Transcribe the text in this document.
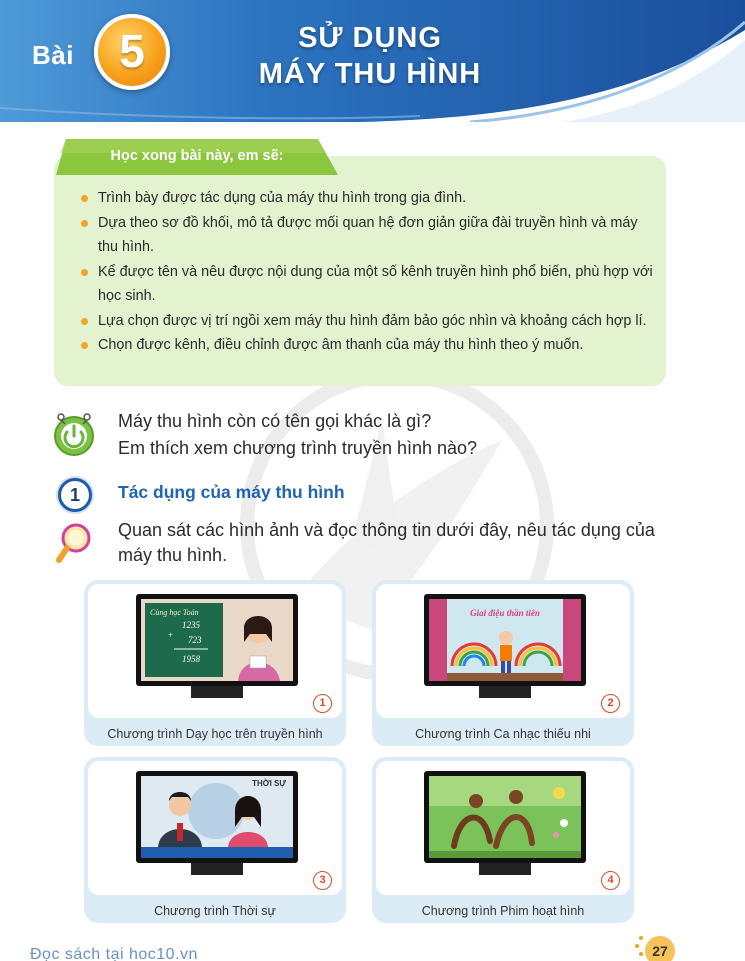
Bài 5	SỬ DỤNG
MÁY THU HÌNH
Học xong bài này, em sẽ:
Trình bày được tác dụng của máy thu hình trong gia đình.
Dựa theo sơ đồ khối, mô tả được mối quan hệ đơn giản giữa đài truyền hình và máy thu hình.
Kể được tên và nêu được nội dung của một số kênh truyền hình phổ biến, phù hợp với học sinh.
Lựa chọn được vị trí ngồi xem máy thu hình đảm bảo góc nhìn và khoảng cách hợp lí.
Chọn được kênh, điều chỉnh được âm thanh của máy thu hình theo ý muốn.
Máy thu hình còn có tên gọi khác là gì?
Em thích xem chương trình truyền hình nào?
1	Tác dụng của máy thu hình
Quan sát các hình ảnh và đọc thông tin dưới đây, nêu tác dụng của máy thu hình.
Cùng học Toán
1235
+ 723
1958
1
Chương trình Dạy học trên truyền hình
Giai điệu thần tiên
2
Chương trình Ca nhạc thiếu nhi
THỜI SỰ
3
Chương trình Thời sự
4
Chương trình Phim hoạt hình
Đọc sách tại hoc10.vn	27
